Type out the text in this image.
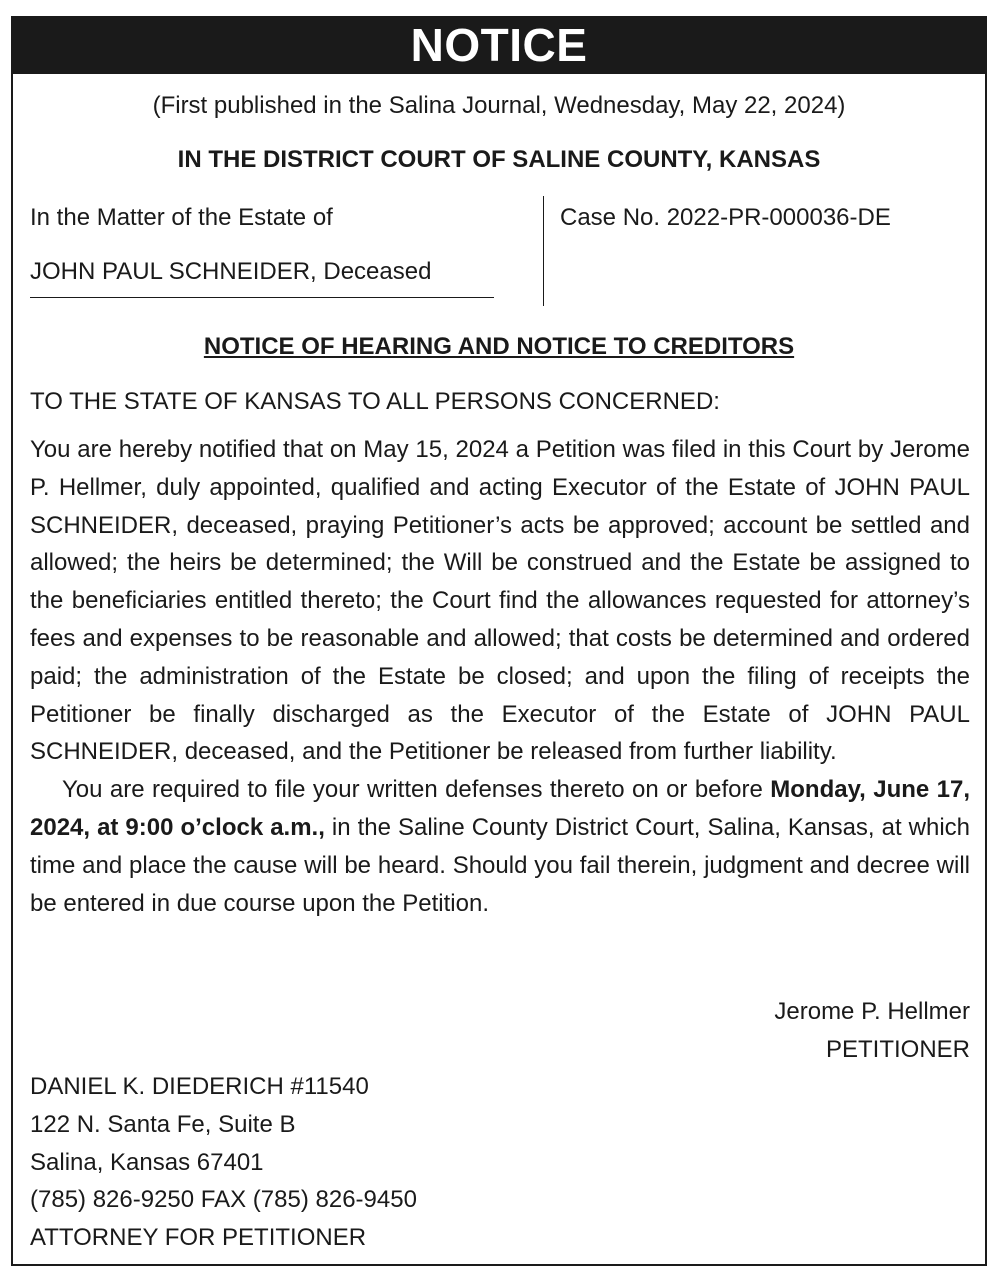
NOTICE
(First published in the Salina Journal, Wednesday, May 22, 2024)
IN THE DISTRICT COURT OF SALINE COUNTY, KANSAS
In the Matter of the Estate of
JOHN PAUL SCHNEIDER, Deceased
Case No. 2022-PR-000036-DE
NOTICE OF HEARING AND NOTICE TO CREDITORS
TO THE STATE OF KANSAS TO ALL PERSONS CONCERNED:

You are hereby notified that on May 15, 2024 a Petition was filed in this Court by Jerome P. Hellmer, duly appointed, qualified and acting Executor of the Estate of JOHN PAUL SCHNEIDER, deceased, praying Petitioner’s acts be approved; account be settled and allowed; the heirs be determined; the Will be construed and the Estate be assigned to the beneficiaries entitled thereto; the Court find the allowances requested for attorney’s fees and expenses to be reasonable and allowed; that costs be determined and ordered paid; the administration of the Estate be closed; and upon the filing of receipts the Petitioner be finally discharged as the Executor of the Estate of JOHN PAUL SCHNEIDER, deceased, and the Petitioner be released from further liability.

You are required to file your written defenses thereto on or before Monday, June 17, 2024, at 9:00 o’clock a.m., in the Saline County District Court, Salina, Kansas, at which time and place the cause will be heard. Should you fail therein, judgment and decree will be entered in due course upon the Petition.

Jerome P. Hellmer
PETITIONER
DANIEL K. DIEDERICH #11540
122 N. Santa Fe, Suite B
Salina, Kansas 67401
(785) 826-9250 FAX (785) 826-9450
ATTORNEY FOR PETITIONER
